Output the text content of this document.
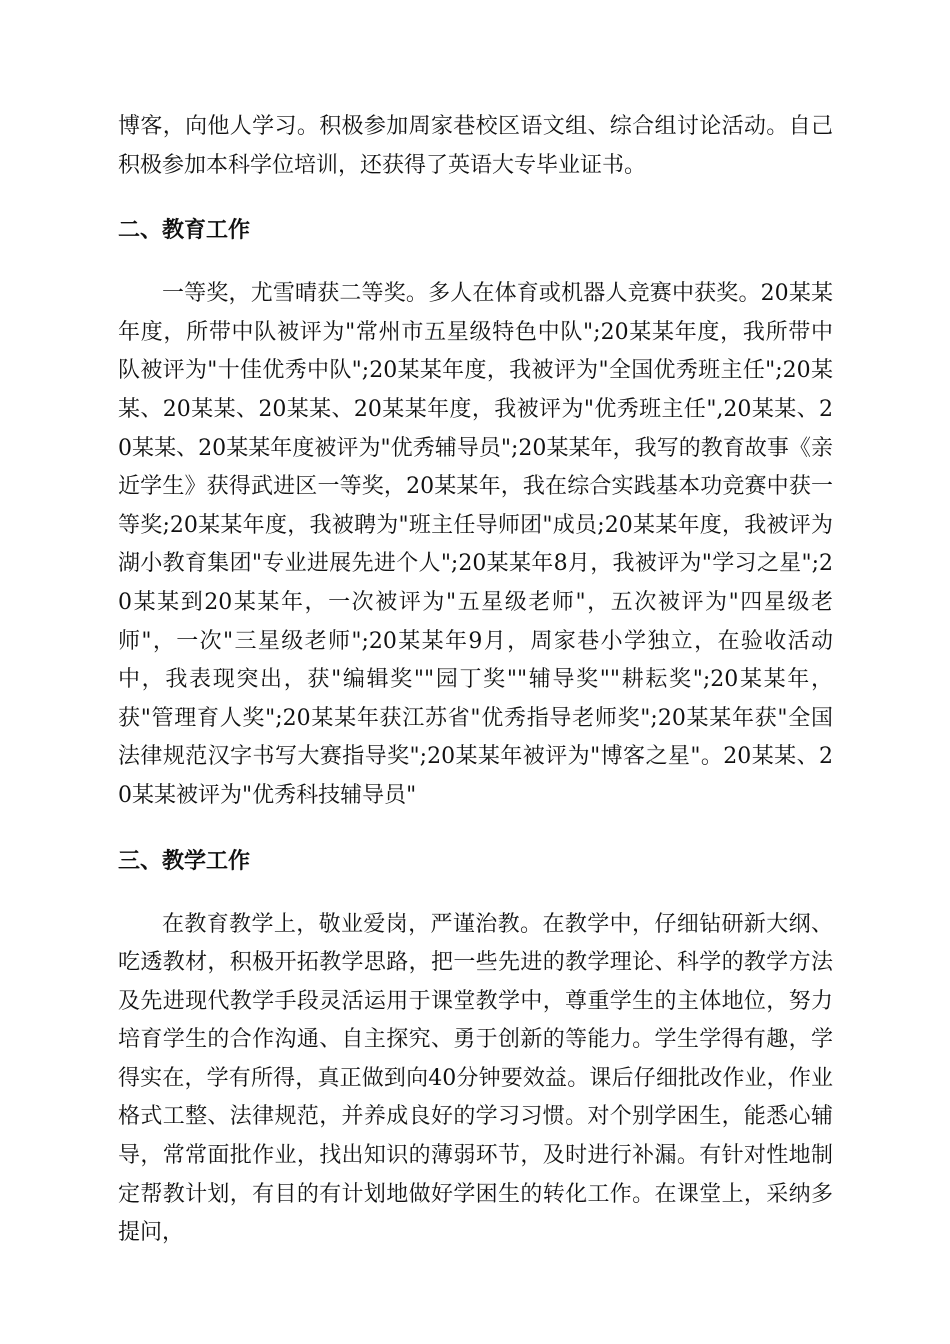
博客，向他人学习。积极参加周家巷校区语文组、综合组讨论活动。自己积极参加本科学位培训，还获得了英语大专毕业证书。

二、教育工作

一等奖，尤雪晴获二等奖。多人在体育或机器人竞赛中获奖。20某某年度，所带中队被评为"常州市五星级特色中队";20某某年度，我所带中队被评为"十佳优秀中队";20某某年度，我被评为"全国优秀班主任";20某某、20某某、20某某、20某某年度，我被评为"优秀班主任",20某某、20某某、20某某年度被评为"优秀辅导员";20某某年，我写的教育故事《亲近学生》获得武进区一等奖，20某某年，我在综合实践基本功竞赛中获一等奖;20某某年度，我被聘为"班主任导师团"成员;20某某年度，我被评为湖小教育集团"专业进展先进个人";20某某年8月，我被评为"学习之星";20某某到20某某年，一次被评为"五星级老师"，五次被评为"四星级老师"，一次"三星级老师";20某某年9月，周家巷小学独立，在验收活动中，我表现突出，获"编辑奖""园丁奖""辅导奖""耕耘奖";20某某年，获"管理育人奖";20某某年获江苏省"优秀指导老师奖";20某某年获"全国法律规范汉字书写大赛指导奖";20某某年被评为"博客之星"。20某某、20某某被评为"优秀科技辅导员"

三、教学工作

在教育教学上，敬业爱岗，严谨治教。在教学中，仔细钻研新大纲、吃透教材，积极开拓教学思路，把一些先进的教学理论、科学的教学方法及先进现代教学手段灵活运用于课堂教学中，尊重学生的主体地位，努力培育学生的合作沟通、自主探究、勇于创新的等能力。学生学得有趣，学得实在，学有所得，真正做到向40分钟要效益。课后仔细批改作业，作业格式工整、法律规范，并养成良好的学习习惯。对个别学困生，能悉心辅导，常常面批作业，找出知识的薄弱环节，及时进行补漏。有针对性地制定帮教计划，有目的有计划地做好学困生的转化工作。在课堂上，采纳多提问，
